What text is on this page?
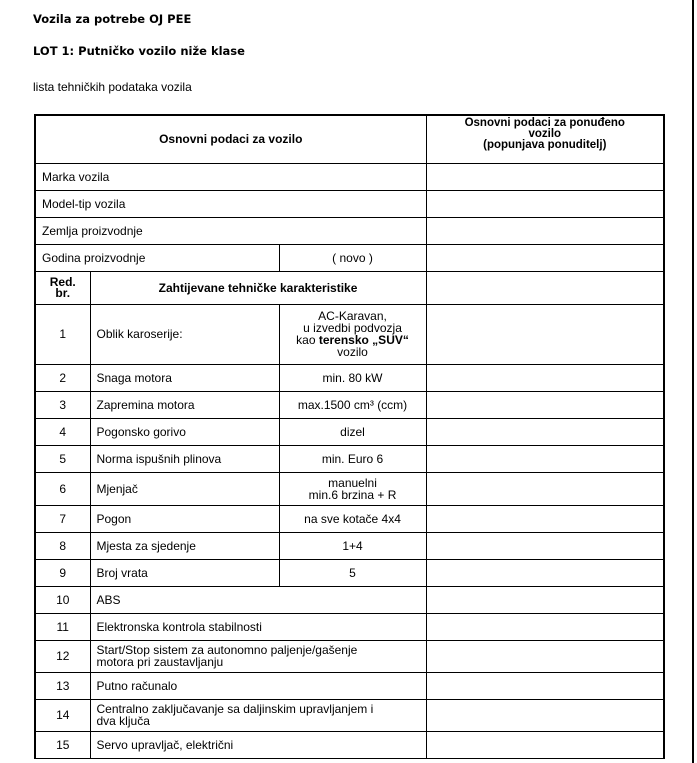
Vozila za potrebe OJ PEE
LOT 1: Putničko vozilo niže klase
lista tehničkih podataka vozila
Osnovni podaci za vozilo			Osnovni podaci za ponuđeno
vozilo
(popunjava ponuditelj)

Marka vozila			
Model-tip vozila			
Zemlja proizvodnje			
Godina proizvodnje		( novo )	

Red.
br.	Zahtijevane tehničke karakteristike		
1	Oblik karoserije:	AC-Karavan,
u izvedbi podvozja
kao terensko „SUV“
vozilo	

2	Snaga motora	min. 80 kW	
3	Zapremina motora	max.1500 cm³ (ccm)	
4	Pogonsko gorivo	dizel	
5	Norma ispušnih plinova	min. Euro 6	
6	Mjenjač	manuelni
min.6 brzina + R	

7	Pogon	na sve kotače 4x4	
8	Mjesta za sjedenje	1+4	
9	Broj vrata	5	
10	ABS		
11	Elektronska kontrola stabilnosti		
12	Start/Stop sistem za autonomno paljenje/gašenje
motora pri zaustavljanju		

13	Putno računalo		
14	Centralno zaključavanje sa daljinskim upravljanjem i
dva ključa		

15	Servo upravljač, električni		
